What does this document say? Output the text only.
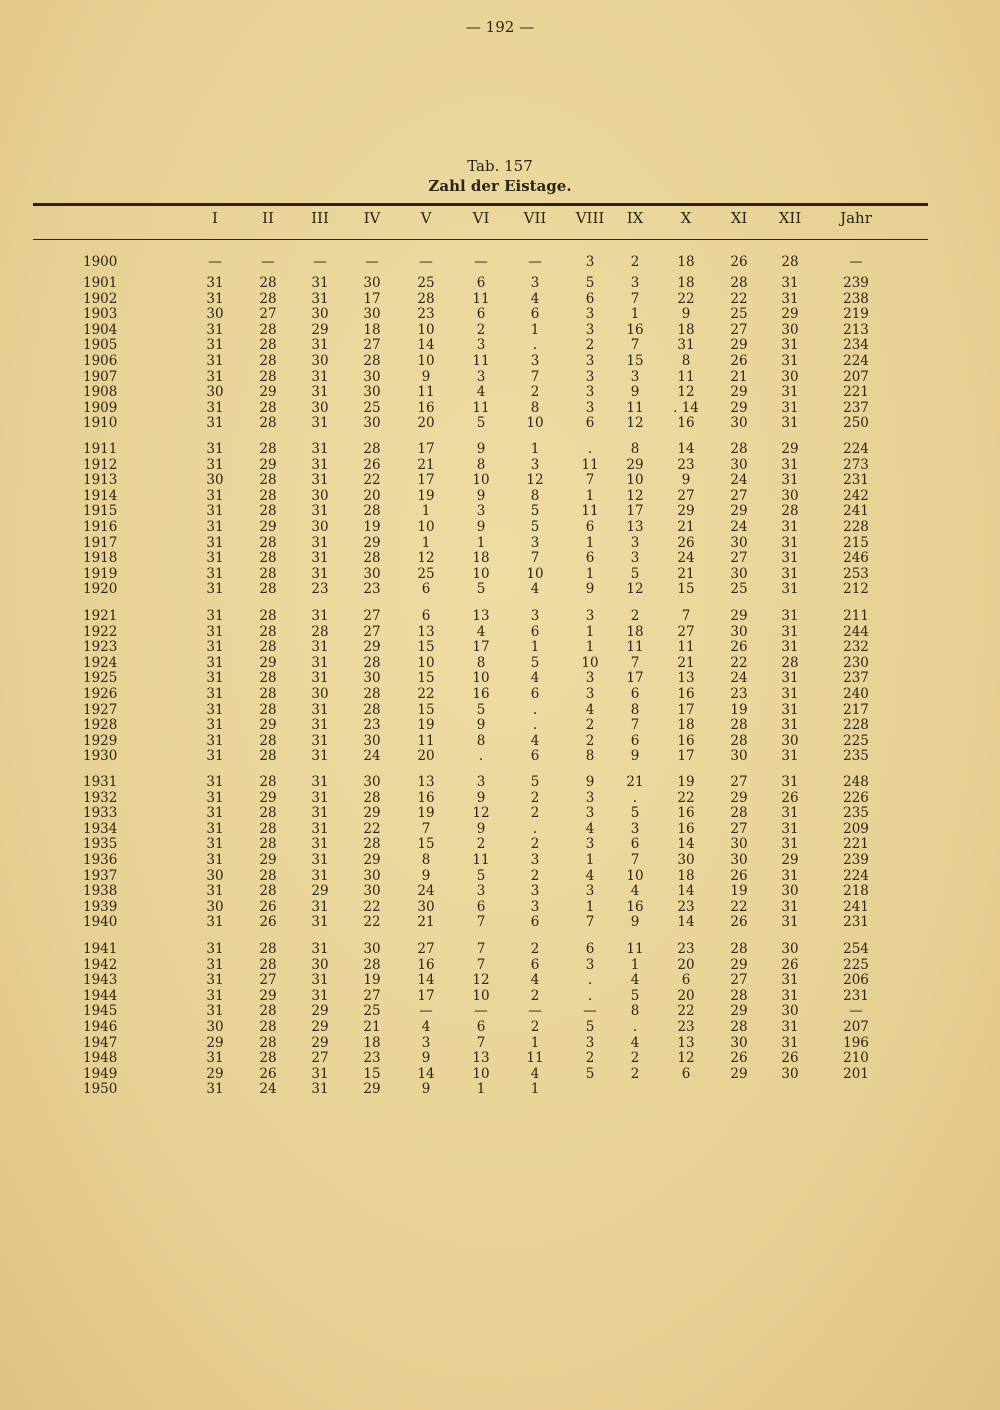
— 192 —
Tab. 157
Zahl der Eistage.
I	II	III	IV	V	VI	VII	VIII	IX	X	XI	XII	Jahr
1900	—	—	—	—	—	—	—	3	2	18	26	28	—
1901	31	28	31	30	25	6	3	5	3	18	28	31	239
1902	31	28	31	17	28	11	4	6	7	22	22	31	238
1903	30	27	30	30	23	6	6	3	1	9	25	29	219
1904	31	28	29	18	10	2	1	3	16	18	27	30	213
1905	31	28	31	27	14	3	.	2	7	31	29	31	234
1906	31	28	30	28	10	11	3	3	15	8	26	31	224
1907	31	28	31	30	9	3	7	3	3	11	21	30	207
1908	30	29	31	30	11	4	2	3	9	12	29	31	221
1909	31	28	30	25	16	11	8	3	11	. 14	29	31	237
1910	31	28	31	30	20	5	10	6	12	16	30	31	250
1911	31	28	31	28	17	9	1	.	8	14	28	29	224
1912	31	29	31	26	21	8	3	11	29	23	30	31	273
1913	30	28	31	22	17	10	12	7	10	9	24	31	231
1914	31	28	30	20	19	9	8	1	12	27	27	30	242
1915	31	28	31	28	1	3	5	11	17	29	29	28	241
1916	31	29	30	19	10	9	5	6	13	21	24	31	228
1917	31	28	31	29	1	1	3	1	3	26	30	31	215
1918	31	28	31	28	12	18	7	6	3	24	27	31	246
1919	31	28	31	30	25	10	10	1	5	21	30	31	253
1920	31	28	23	23	6	5	4	9	12	15	25	31	212
1921	31	28	31	27	6	13	3	3	2	7	29	31	211
1922	31	28	28	27	13	4	6	1	18	27	30	31	244
1923	31	28	31	29	15	17	1	1	11	11	26	31	232
1924	31	29	31	28	10	8	5	10	7	21	22	28	230
1925	31	28	31	30	15	10	4	3	17	13	24	31	237
1926	31	28	30	28	22	16	6	3	6	16	23	31	240
1927	31	28	31	28	15	5	.	4	8	17	19	31	217
1928	31	29	31	23	19	9	.	2	7	18	28	31	228
1929	31	28	31	30	11	8	4	2	6	16	28	30	225
1930	31	28	31	24	20	.	6	8	9	17	30	31	235
1931	31	28	31	30	13	3	5	9	21	19	27	31	248
1932	31	29	31	28	16	9	2	3	.	22	29	26	226
1933	31	28	31	29	19	12	2	3	5	16	28	31	235
1934	31	28	31	22	7	9	.	4	3	16	27	31	209
1935	31	28	31	28	15	2	2	3	6	14	30	31	221
1936	31	29	31	29	8	11	3	1	7	30	30	29	239
1937	30	28	31	30	9	5	2	4	10	18	26	31	224
1938	31	28	29	30	24	3	3	3	4	14	19	30	218
1939	30	26	31	22	30	6	3	1	16	23	22	31	241
1940	31	26	31	22	21	7	6	7	9	14	26	31	231
1941	31	28	31	30	27	7	2	6	11	23	28	30	254
1942	31	28	30	28	16	7	6	3	1	20	29	26	225
1943	31	27	31	19	14	12	4	.	4	6	27	31	206
1944	31	29	31	27	17	10	2	.	5	20	28	31	231
1945	31	28	29	25	—	—	—	—	8	22	29	30	—
1946	30	28	29	21	4	6	2	5	.	23	28	31	207
1947	29	28	29	18	3	7	1	3	4	13	30	31	196
1948	31	28	27	23	9	13	11	2	2	12	26	26	210
1949	29	26	31	15	14	10	4	5	2	6	29	30	201
1950	31	24	31	29	9	1	1
